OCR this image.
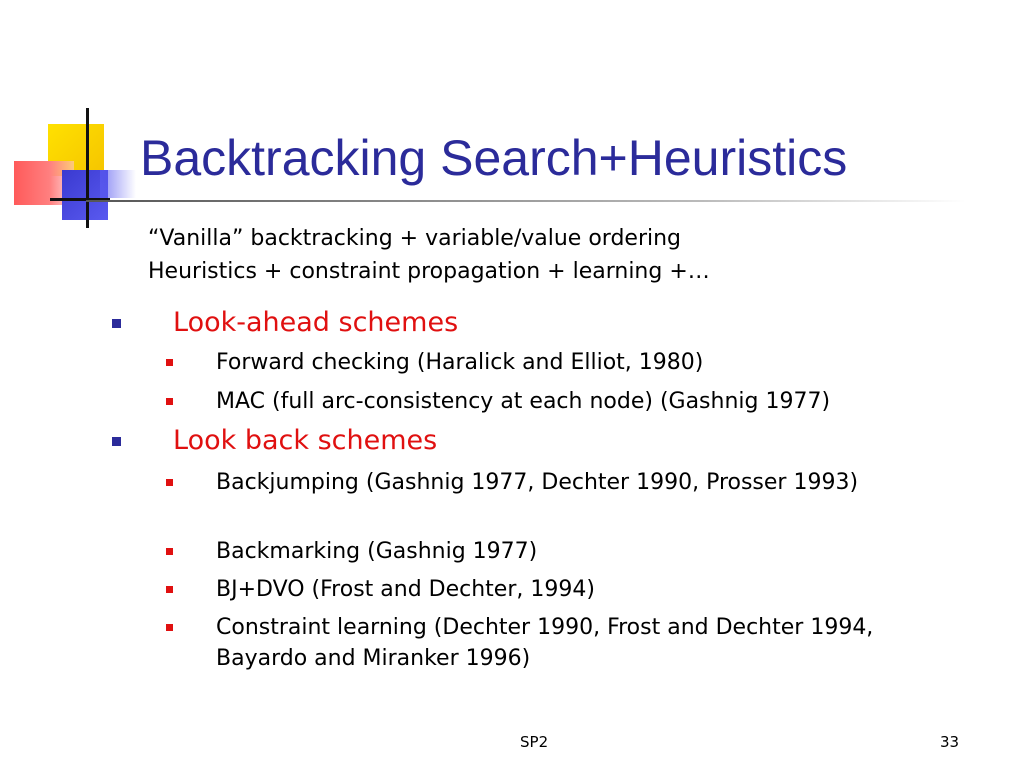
Backtracking Search+Heuristics
“Vanilla” backtracking + variable/value ordering
Heuristics + constraint propagation + learning +…
Look-ahead schemes
Forward checking (Haralick and Elliot, 1980)
MAC (full arc-consistency at each node) (Gashnig 1977)
Look back schemes
Backjumping (Gashnig 1977, Dechter 1990, Prosser 1993)
Backmarking (Gashnig 1977)
BJ+DVO (Frost and Dechter, 1994)
Constraint learning (Dechter 1990, Frost and Dechter 1994, Bayardo and Miranker 1996)
SP2	33
